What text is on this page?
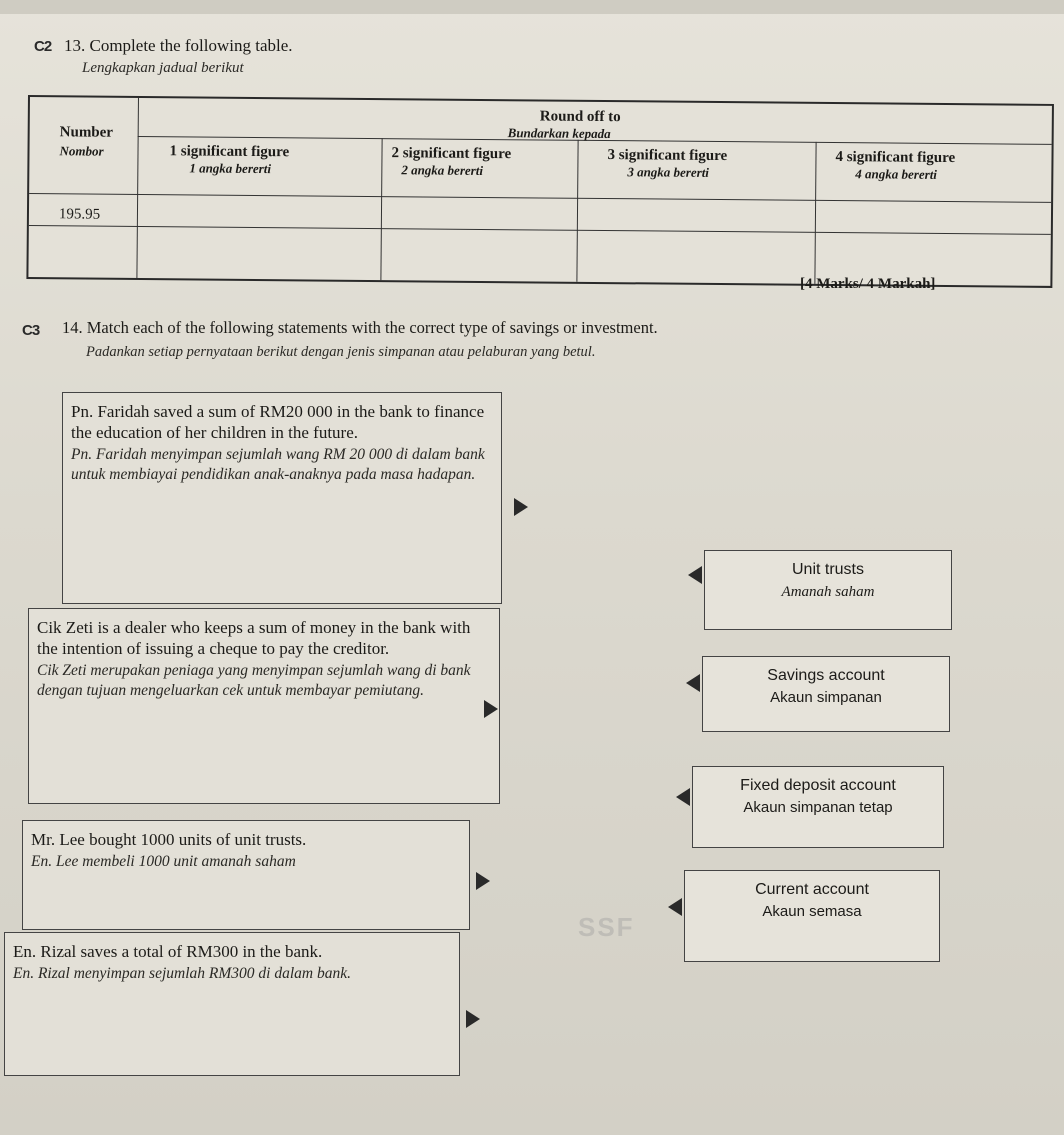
C2 13. Complete the following table.
Lengkapkan jadual berikut
Number
Nombor
Round off to
Bundarkan kepada
1 significant figure
1 angka bererti
2 significant figure
2 angka bererti
3 significant figure
3 angka bererti
4 significant figure
4 angka bererti
195.95
[4 Marks/ 4 Markah]
C3 14. Match each of the following statements with the correct type of savings or investment.
Padankan setiap pernyataan berikut dengan jenis simpanan atau pelaburan yang betul.
Pn. Faridah saved a sum of RM20 000 in the bank to finance the education of her children in the future.
Pn. Faridah menyimpan sejumlah wang RM 20 000 di dalam bank untuk membiayai pendidikan anak-anaknya pada masa hadapan.
Cik Zeti is a dealer who keeps a sum of money in the bank with the intention of issuing a cheque to pay the creditor.
Cik Zeti merupakan peniaga yang menyimpan sejumlah wang di bank dengan tujuan mengeluarkan cek untuk membayar pemiutang.
Mr. Lee bought 1000 units of unit trusts.
En. Lee membeli 1000 unit amanah saham
En. Rizal saves a total of RM300 in the bank.
En. Rizal menyimpan sejumlah RM300 di dalam bank.
Unit trusts
Amanah saham
Savings account
Akaun simpanan
Fixed deposit account
Akaun simpanan tetap
Current account
Akaun semasa
SSF
